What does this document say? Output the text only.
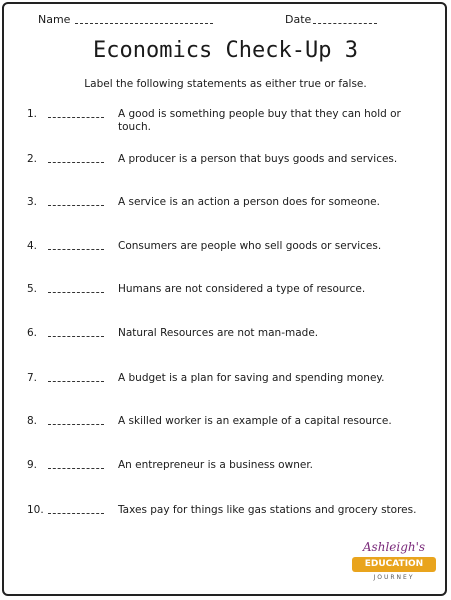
Name	Date
Economics Check-Up 3
Label the following statements as either true or false.
1.	A good is something people buy that they can hold or touch.
2.	A producer is a person that buys goods and services.
3.	A service is an action a person does for someone.
4.	Consumers are people who sell goods or services.
5.	Humans are not considered a type of resource.
6.	Natural Resources are not man-made.
7.	A budget is a plan for saving and spending money.
8.	A skilled worker is an example of a capital resource.
9.	An entrepreneur is a business owner.
10.	Taxes pay for things like gas stations and grocery stores.
Ashleigh's
EDUCATION
JOURNEY
